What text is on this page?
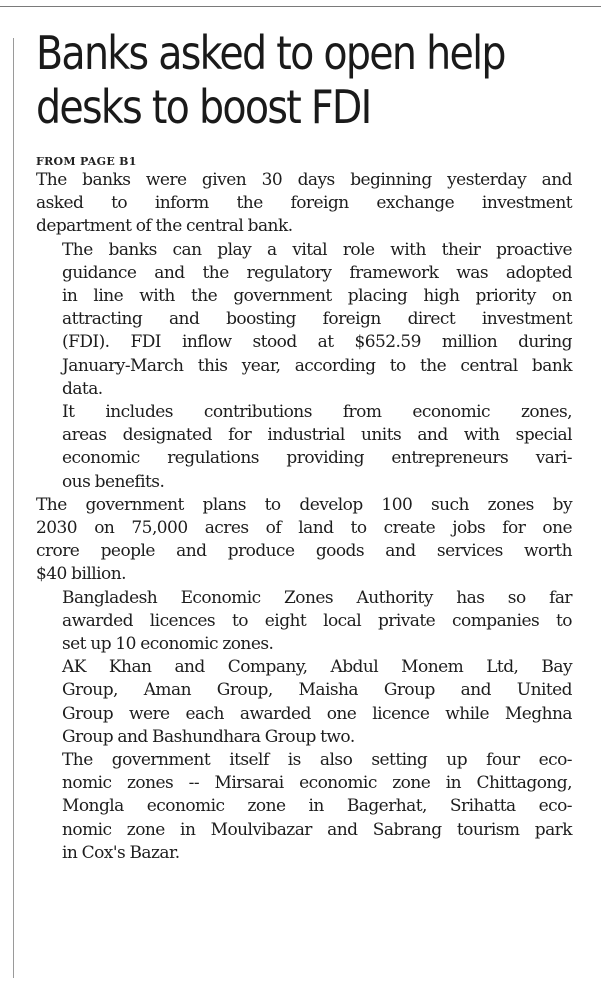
Banks asked to open help
desks to boost FDI
FROM PAGE B1

The banks were given 30 days beginning yesterday and
asked to inform the foreign exchange investment
department of the central bank.

The banks can play a vital role with their proactive
guidance and the regulatory framework was adopted
in line with the government placing high priority on
attracting and boosting foreign direct investment
(FDI). FDI inflow stood at $652.59 million during
January-March this year, according to the central bank
data.

It includes contributions from economic zones,
areas designated for industrial units and with special
economic regulations providing entrepreneurs vari-
ous benefits.

The government plans to develop 100 such zones by
2030 on 75,000 acres of land to create jobs for one
crore people and produce goods and services worth
$40 billion.

Bangladesh Economic Zones Authority has so far
awarded licences to eight local private companies to
set up 10 economic zones.

AK Khan and Company, Abdul Monem Ltd, Bay
Group, Aman Group, Maisha Group and United
Group were each awarded one licence while Meghna
Group and Bashundhara Group two.

The government itself is also setting up four eco-
nomic zones -- Mirsarai economic zone in Chittagong,
Mongla economic zone in Bagerhat, Srihatta eco-
nomic zone in Moulvibazar and Sabrang tourism park
in Cox's Bazar.
